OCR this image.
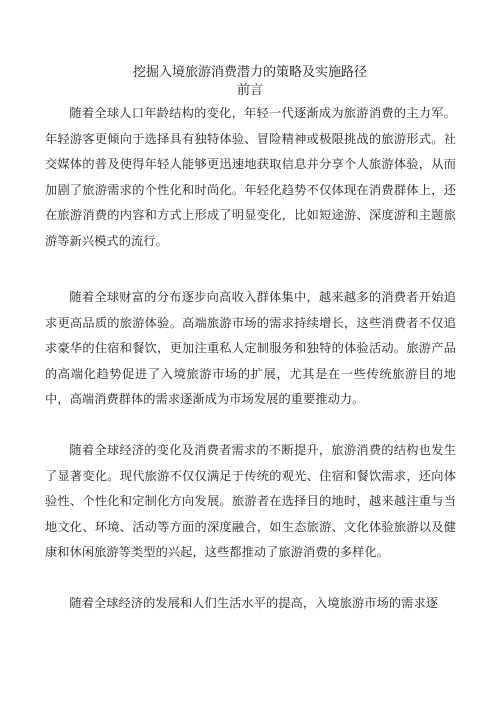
挖掘入境旅游消费潜力的策略及实施路径
前言

随着全球人口年龄结构的变化，年轻一代逐渐成为旅游消费的主力军。年轻游客更倾向于选择具有独特体验、冒险精神或极限挑战的旅游形式。社交媒体的普及使得年轻人能够更迅速地获取信息并分享个人旅游体验，从而加剧了旅游需求的个性化和时尚化。年轻化趋势不仅体现在消费群体上，还在旅游消费的内容和方式上形成了明显变化，比如短途游、深度游和主题旅游等新兴模式的流行。

随着全球财富的分布逐步向高收入群体集中，越来越多的消费者开始追求更高品质的旅游体验。高端旅游市场的需求持续增长，这些消费者不仅追求豪华的住宿和餐饮，更加注重私人定制服务和独特的体验活动。旅游产品的高端化趋势促进了入境旅游市场的扩展，尤其是在一些传统旅游目的地中，高端消费群体的需求逐渐成为市场发展的重要推动力。

随着全球经济的变化及消费者需求的不断提升，旅游消费的结构也发生了显著变化。现代旅游不仅仅满足于传统的观光、住宿和餐饮需求，还向体验性、个性化和定制化方向发展。旅游者在选择目的地时，越来越注重与当地文化、环境、活动等方面的深度融合，如生态旅游、文化体验旅游以及健康和休闲旅游等类型的兴起，这些都推动了旅游消费的多样化。

随着全球经济的发展和人们生活水平的提高，入境旅游市场的需求逐
